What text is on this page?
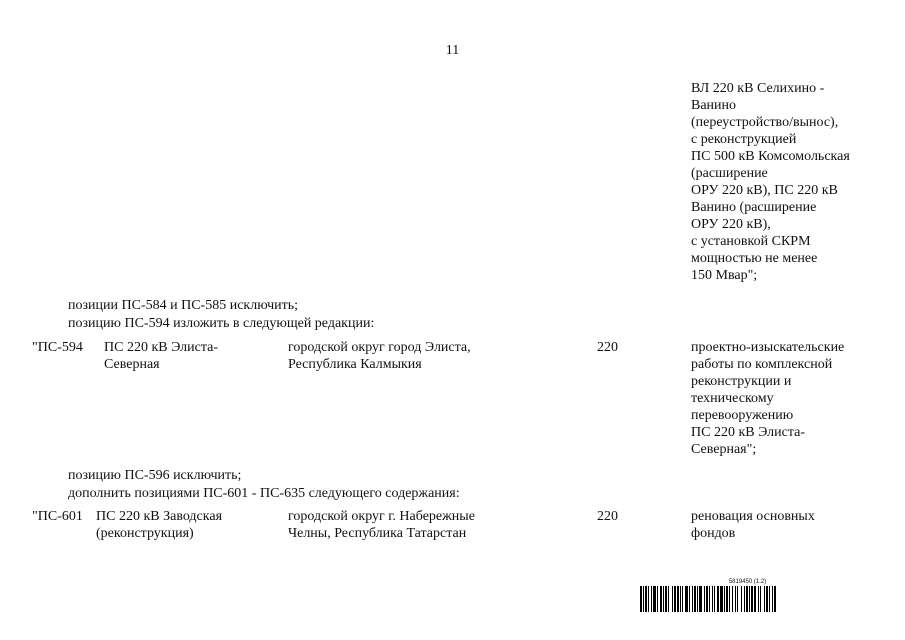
11
ВЛ 220 кВ Селихино -
Ванино
(переустройство/вынос),
с реконструкцией
ПС 500 кВ Комсомольская
(расширение
ОРУ 220 кВ), ПС 220 кВ
Ванино (расширение
ОРУ 220 кВ),
с установкой СКРМ
мощностью не менее
150 Мвар";
позиции ПС-584 и ПС-585 исключить;
позицию ПС-594 изложить в следующей редакции:
"ПС-594 ПС 220 кВ Элиста-
Северная
городской округ город Элиста,
Республика Калмыкия
220	проектно-изыскательские
работы по комплексной
реконструкции и
техническому
перевооружению
ПС 220 кВ Элиста-
Северная";
позицию ПС-596 исключить;
дополнить позициями ПС-601 - ПС-635 следующего содержания:
"ПС-601 ПС 220 кВ Заводская
(реконструкция)
городской округ г. Набережные
Челны, Республика Татарстан
220	реновация основных
фондов
5819450 (1.2)
